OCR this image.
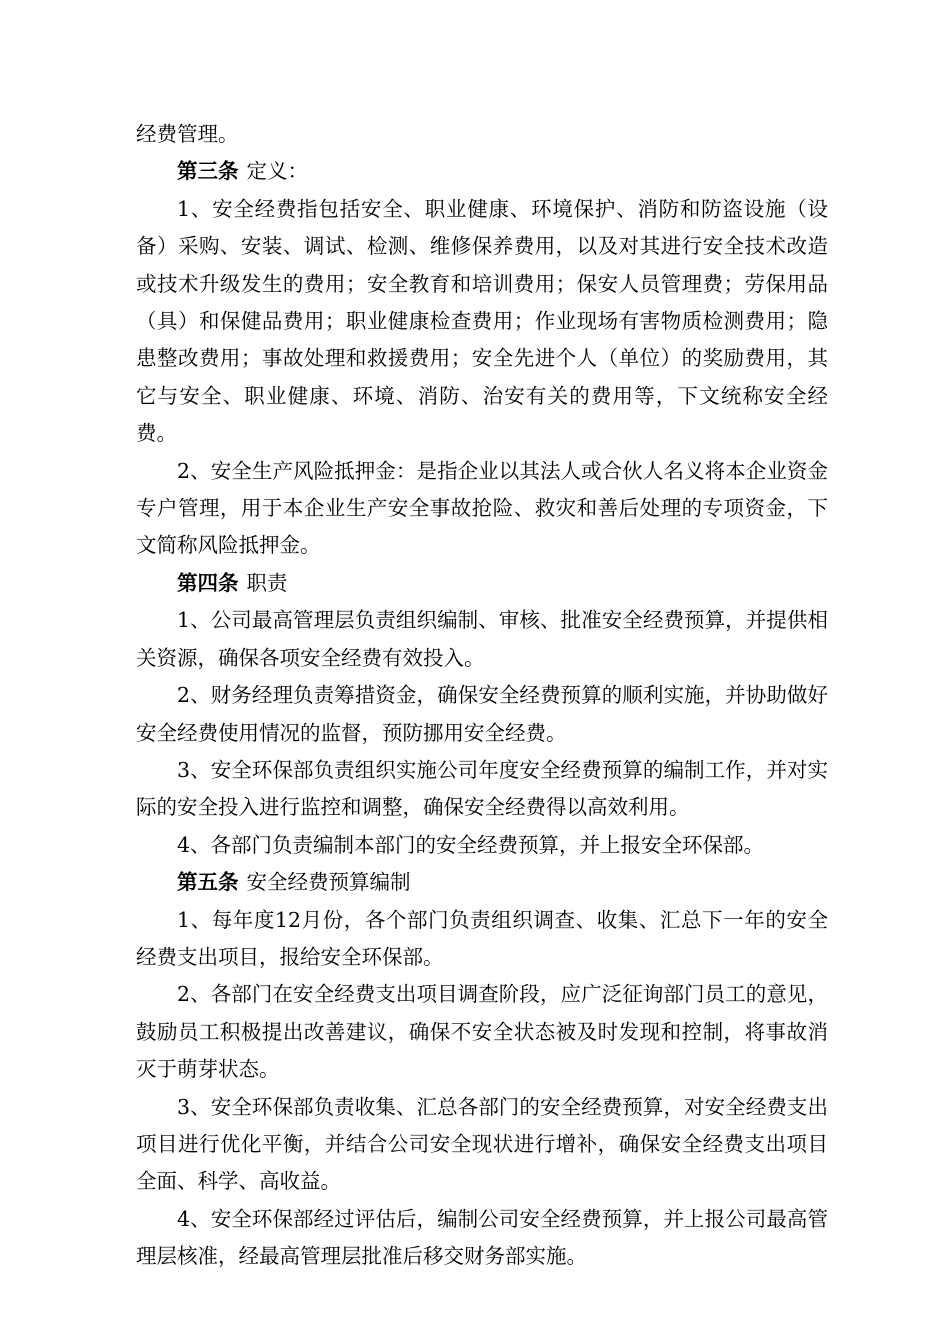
经费管理。

第三条 定义：

1、安全经费指包括安全、职业健康、环境保护、消防和防盗设施（设备）采购、安装、调试、检测、维修保养费用，以及对其进行安全技术改造或技术升级发生的费用；安全教育和培训费用；保安人员管理费；劳保用品（具）和保健品费用；职业健康检查费用；作业现场有害物质检测费用；隐患整改费用；事故处理和救援费用；安全先进个人（单位）的奖励费用，其它与安全、职业健康、环境、消防、治安有关的费用等，下文统称安全经费。

2、安全生产风险抵押金：是指企业以其法人或合伙人名义将本企业资金专户管理，用于本企业生产安全事故抢险、救灾和善后处理的专项资金，下文简称风险抵押金。

第四条 职责

1、公司最高管理层负责组织编制、审核、批准安全经费预算，并提供相关资源，确保各项安全经费有效投入。

2、财务经理负责筹措资金，确保安全经费预算的顺利实施，并协助做好安全经费使用情况的监督，预防挪用安全经费。

3、安全环保部负责组织实施公司年度安全经费预算的编制工作，并对实际的安全投入进行监控和调整，确保安全经费得以高效利用。

4、各部门负责编制本部门的安全经费预算，并上报安全环保部。

第五条 安全经费预算编制

1、每年度12月份，各个部门负责组织调查、收集、汇总下一年的安全经费支出项目，报给安全环保部。

2、各部门在安全经费支出项目调查阶段，应广泛征询部门员工的意见，鼓励员工积极提出改善建议，确保不安全状态被及时发现和控制，将事故消灭于萌芽状态。

3、安全环保部负责收集、汇总各部门的安全经费预算，对安全经费支出项目进行优化平衡，并结合公司安全现状进行增补，确保安全经费支出项目全面、科学、高收益。

4、安全环保部经过评估后，编制公司安全经费预算，并上报公司最高管理层核准，经最高管理层批准后移交财务部实施。
